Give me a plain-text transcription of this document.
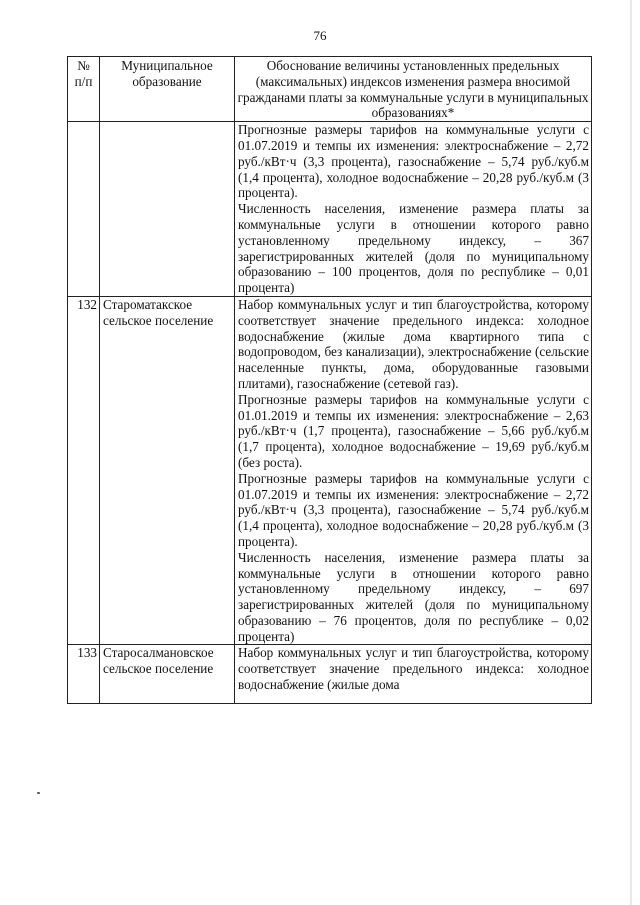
76
№
п/п	Муниципальное образование	Обоснование величины установленных предельных (максимальных) индексов изменения размера вносимой гражданами платы за коммунальные услуги в муниципальных образованиях*

		Прогнозные размеры тарифов на коммунальные услуги с 01.07.2019 и темпы их изменения: электроснабжение – 2,72 руб./кВт·ч (3,3 процента), газоснабжение – 5,74 руб./куб.м (1,4 процента), холодное водоснабжение – 20,28 руб./куб.м (3 процента).

Численность населения, изменение размера платы за коммунальные услуги в отношении которого равно установленному предельному индексу, – 367 зарегистрированных жителей (доля по муниципальному образованию – 100 процентов, доля по республике – 0,01 процента)

132	Староматакское сельское поселение	Набор коммунальных услуг и тип благоустройства, которому соответствует значение предельного индекса: холодное водоснабжение (жилые дома квартирного типа с водопроводом, без канализации), электроснабжение (сельские населенные пункты, дома, оборудованные газовыми плитами), газоснабжение (сетевой газ).

Прогнозные размеры тарифов на коммунальные услуги с 01.01.2019 и темпы их изменения: электроснабжение – 2,63 руб./кВт·ч (1,7 процента), газоснабжение – 5,66 руб./куб.м (1,7 процента), холодное водоснабжение – 19,69 руб./куб.м (без роста).

Прогнозные размеры тарифов на коммунальные услуги с 01.07.2019 и темпы их изменения: электроснабжение – 2,72 руб./кВт·ч (3,3 процента), газоснабжение – 5,74 руб./куб.м (1,4 процента), холодное водоснабжение – 20,28 руб./куб.м (3 процента).

Численность населения, изменение размера платы за коммунальные услуги в отношении которого равно установленному предельному индексу, – 697 зарегистрированных жителей (доля по муниципальному образованию – 76 процентов, доля по республике – 0,02 процента)

133	Старосалмановское сельское поселение	Набор коммунальных услуг и тип благоустройства, которому соответствует значение предельного индекса: холодное водоснабжение (жилые дома
